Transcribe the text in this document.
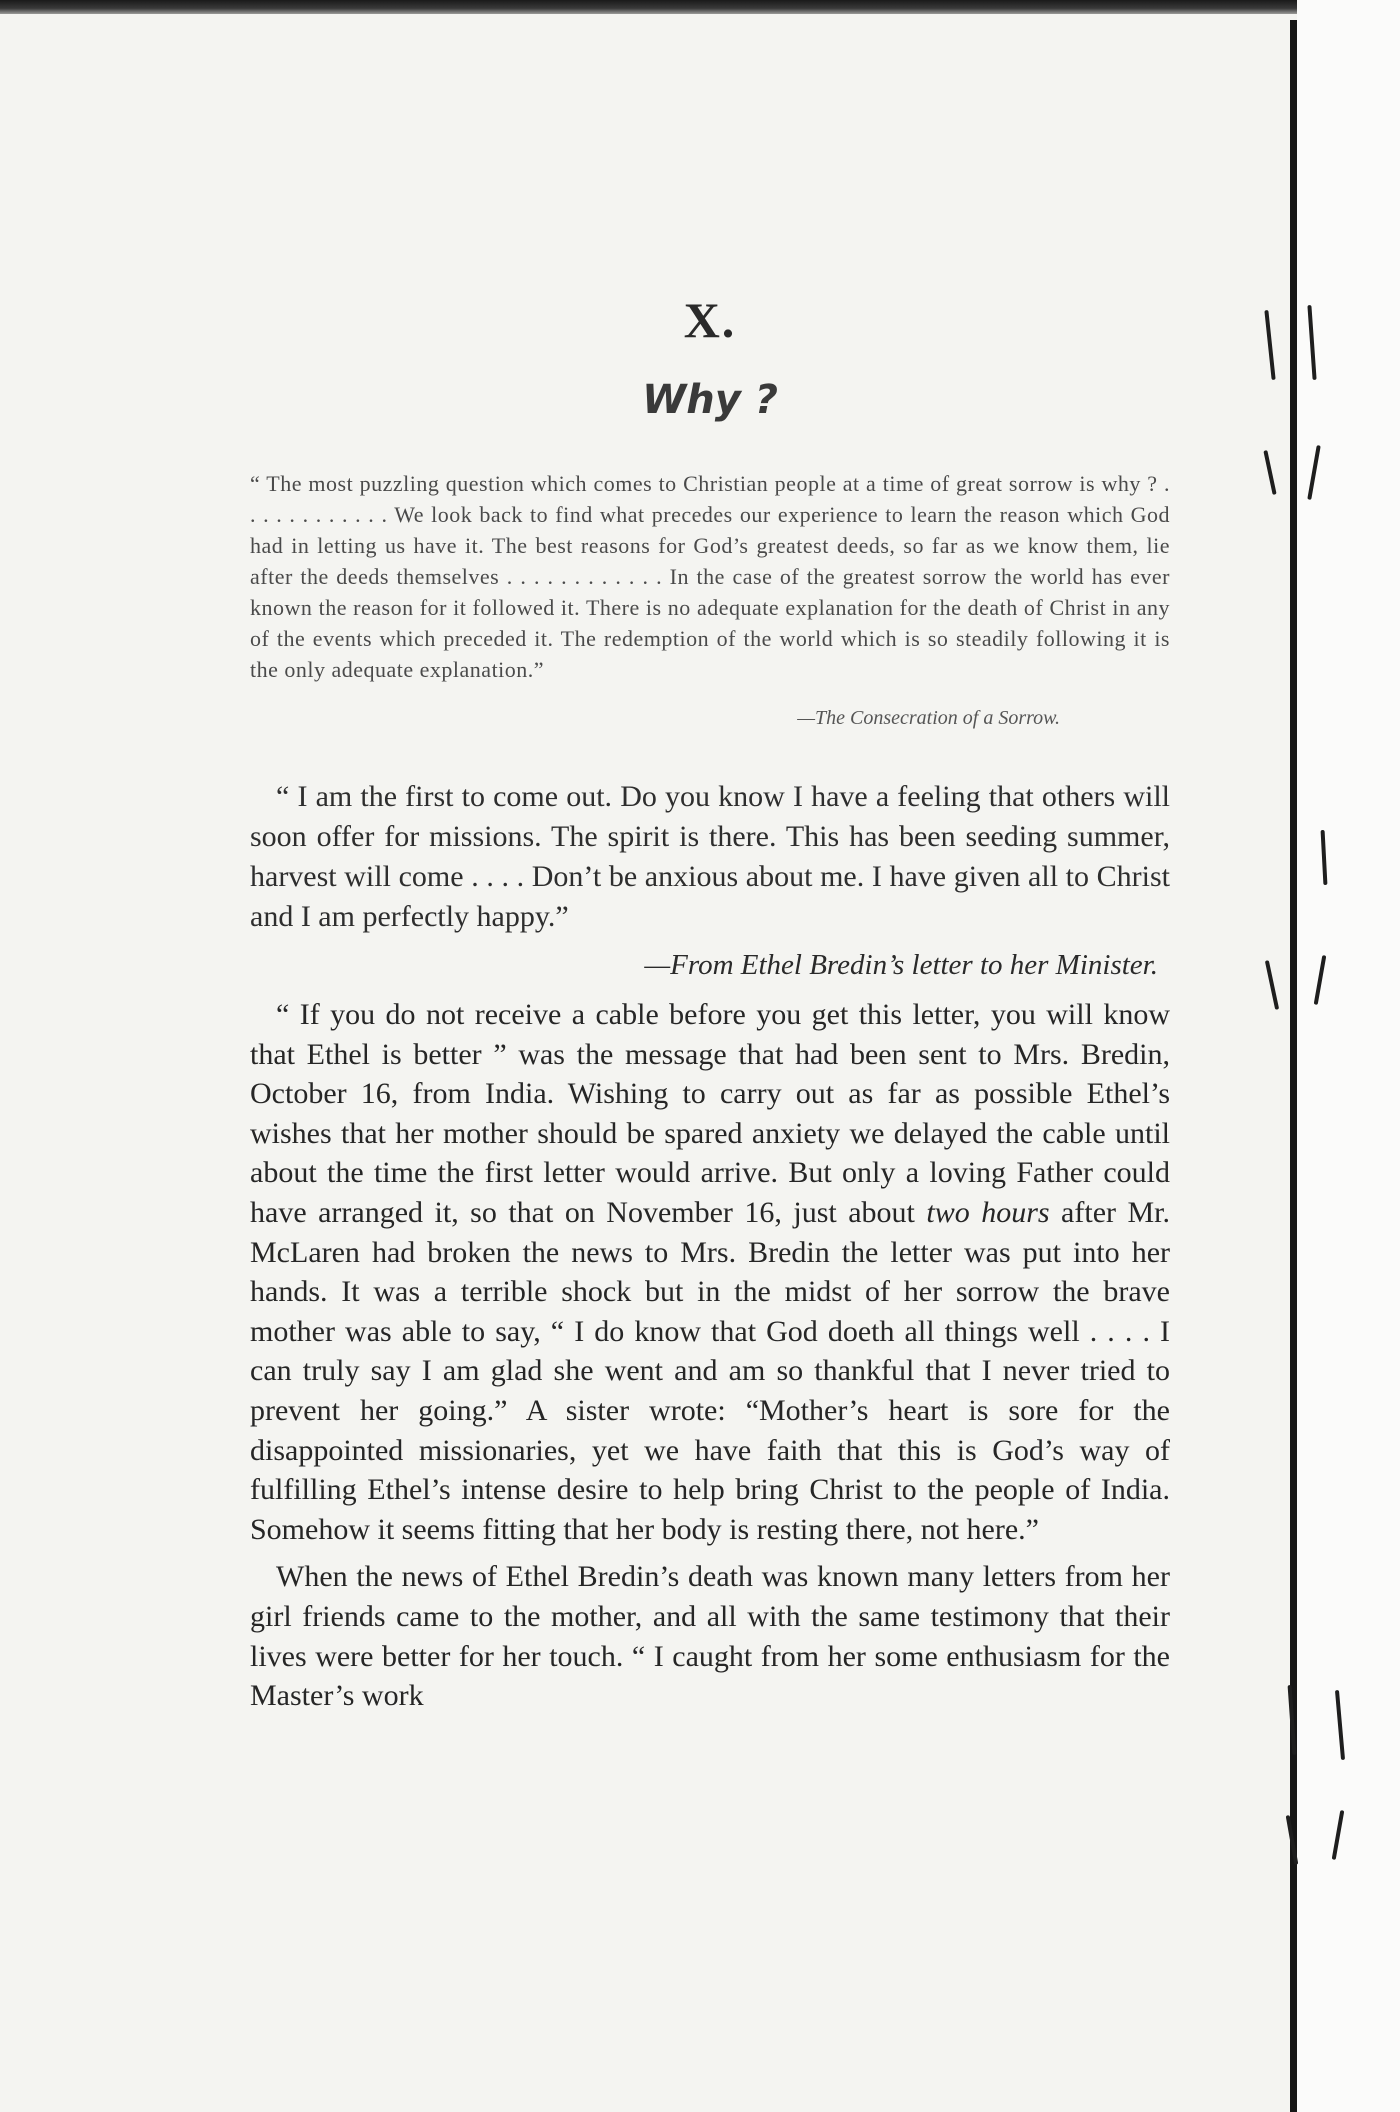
X.
Why ?

“ The most puzzling question which comes to Christian people at a time of great sorrow is why ? . . . . . . . . . . . . We look back to find what precedes our experience to learn the reason which God had in letting us have it. The best reasons for God’s greatest deeds, so far as we know them, lie after the deeds themselves . . . . . . . . . . . . In the case of the greatest sorrow the world has ever known the reason for it followed it. There is no adequate explanation for the death of Christ in any of the events which preceded it. The redemption of the world which is so steadily following it is the only adequate explanation.”

—The Consecration of a Sorrow.

“ I am the first to come out. Do you know I have a feeling that others will soon offer for missions. The spirit is there. This has been seeding summer, harvest will come . . . . Don’t be anxious about me. I have given all to Christ and I am perfectly happy.”

—From Ethel Bredin’s letter to her Minister.

“ If you do not receive a cable before you get this letter, you will know that Ethel is better ” was the message that had been sent to Mrs. Bredin, October 16, from India. Wishing to carry out as far as possible Ethel’s wishes that her mother should be spared anxiety we delayed the cable until about the time the first letter would arrive. But only a loving Father could have arranged it, so that on November 16, just about two hours after Mr. McLaren had broken the news to Mrs. Bredin the letter was put into her hands. It was a terrible shock but in the midst of her sorrow the brave mother was able to say, “ I do know that God doeth all things well . . . . I can truly say I am glad she went and am so thankful that I never tried to prevent her going.” A sister wrote: “Mother’s heart is sore for the disappointed missionaries, yet we have faith that this is God’s way of fulfilling Ethel’s intense desire to help bring Christ to the people of India. Somehow it seems fitting that her body is resting there, not here.”

When the news of Ethel Bredin’s death was known many letters from her girl friends came to the mother, and all with the same testimony that their lives were better for her touch. “ I caught from her some enthusiasm for the Master’s work
